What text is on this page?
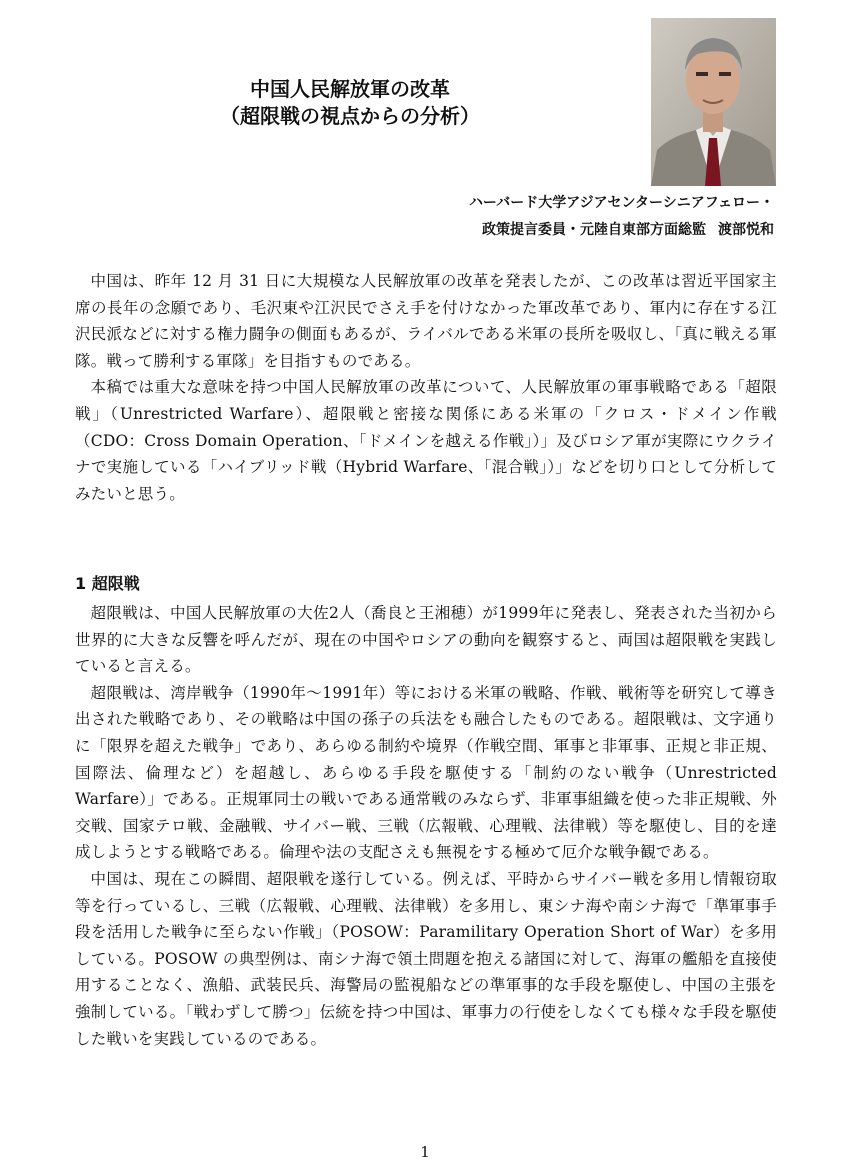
中国人民解放軍の改革
（超限戦の視点からの分析）
ハーバード大学アジアセンターシニアフェロー・
政策提言委員・元陸自東部方面総監 渡部悦和

中国は、昨年 12 月 31 日に大規模な人民解放軍の改革を発表したが、この改革は習近平国家主席の長年の念願であり、毛沢東や江沢民でさえ手を付けなかった軍改革であり、軍内に存在する江沢民派などに対する権力闘争の側面もあるが、ライバルである米軍の長所を吸収し、「真に戦える軍隊。戦って勝利する軍隊」を目指すものである。

本稿では重大な意味を持つ中国人民解放軍の改革について、人民解放軍の軍事戦略である「超限戦」（Unrestricted Warfare）、超限戦と密接な関係にある米軍の「クロス・ドメイン作戦（CDO：Cross Domain Operation、「ドメインを越える作戦」）」及びロシア軍が実際にウクライナで実施している「ハイブリッド戦（Hybrid Warfare、「混合戦」）」などを切り口として分析してみたいと思う。

1 超限戦

超限戦は、中国人民解放軍の大佐2人（喬良と王湘穂）が1999年に発表し、発表された当初から世界的に大きな反響を呼んだが、現在の中国やロシアの動向を観察すると、両国は超限戦を実践していると言える。

超限戦は、湾岸戦争（1990年～1991年）等における米軍の戦略、作戦、戦術等を研究して導き出された戦略であり、その戦略は中国の孫子の兵法をも融合したものである。超限戦は、文字通りに「限界を超えた戦争」であり、あらゆる制約や境界（作戦空間、軍事と非軍事、正規と非正規、国際法、倫理など）を超越し、あらゆる手段を駆使する「制約のない戦争（Unrestricted Warfare）」である。正規軍同士の戦いである通常戦のみならず、非軍事組織を使った非正規戦、外交戦、国家テロ戦、金融戦、サイバー戦、三戦（広報戦、心理戦、法律戦）等を駆使し、目的を達成しようとする戦略である。倫理や法の支配さえも無視をする極めて厄介な戦争観である。

中国は、現在この瞬間、超限戦を遂行している。例えば、平時からサイバー戦を多用し情報窃取等を行っているし、三戦（広報戦、心理戦、法律戦）を多用し、東シナ海や南シナ海で「準軍事手段を活用した戦争に至らない作戦」（POSOW：Paramilitary Operation Short of War）を多用している。POSOW の典型例は、南シナ海で領土問題を抱える諸国に対して、海軍の艦船を直接使用することなく、漁船、武装民兵、海警局の監視船などの準軍事的な手段を駆使し、中国の主張を強制している。「戦わずして勝つ」伝統を持つ中国は、軍事力の行使をしなくても様々な手段を駆使した戦いを実践しているのである。

1
